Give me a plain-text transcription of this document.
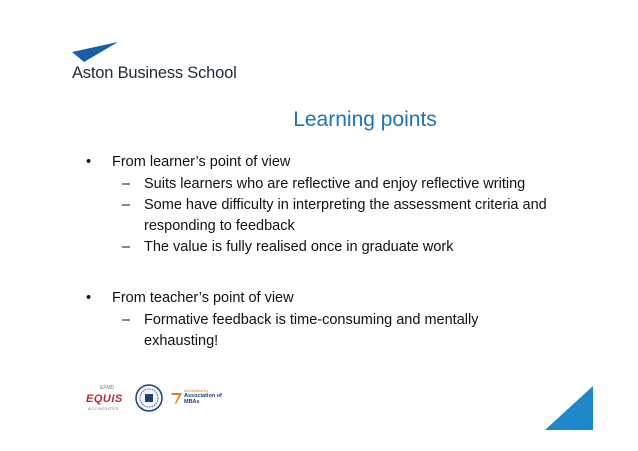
Aston Business School
Learning points
• From learner’s point of view
– Suits learners who are reflective and enjoy reflective writing
– Some have difficulty in interpreting the assessment criteria and responding to feedback
– The value is fully realised once in graduate work
• From teacher’s point of view
– Formative feedback is time-consuming and mentally exhausting!
EFMD
EQUIS
ACCREDITED
Accredited by
Association of MBAs
